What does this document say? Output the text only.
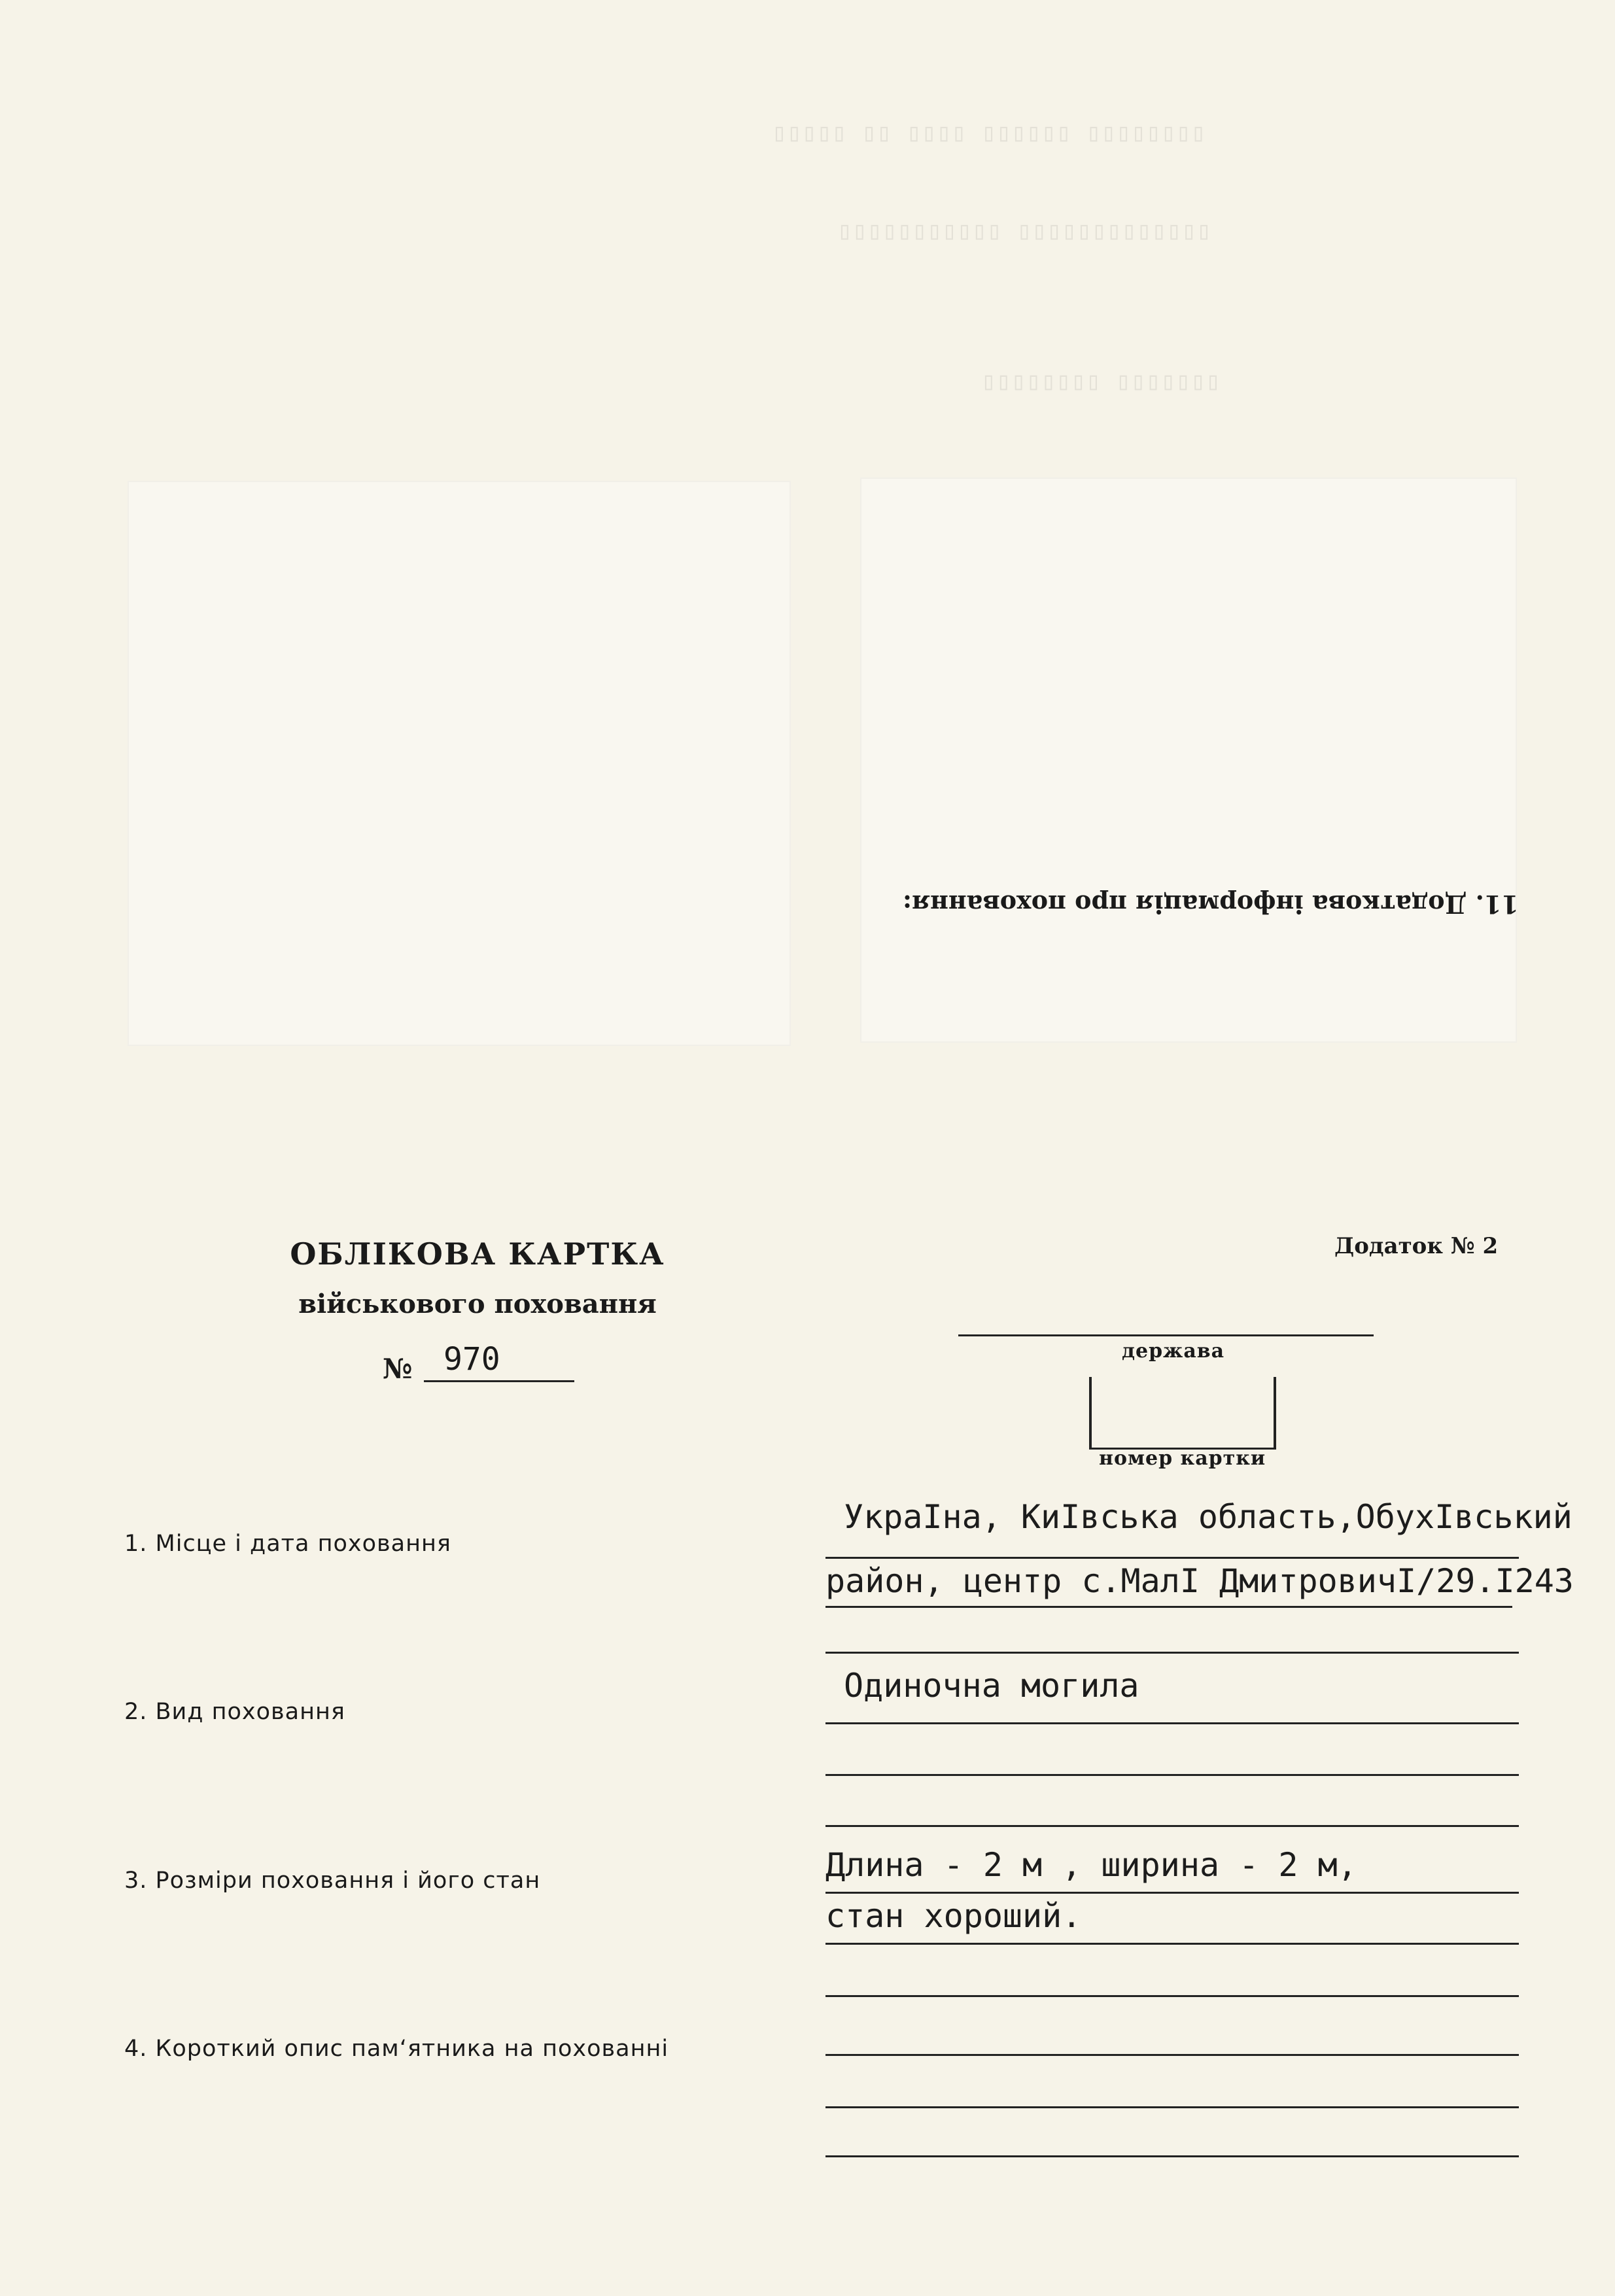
▯▯▯▯▯▯▯▯ ▯▯▯▯▯▯ ▯▯▯▯ ▯▯ ▯▯▯▯▯
▯▯▯▯▯▯▯▯▯▯▯▯▯ ▯▯▯▯▯▯▯▯▯▯▯
▯▯▯▯▯▯▯ ▯▯▯▯▯▯▯▯
11. Додаткова інформація про поховання:
ОБЛІКОВА КАРТКА
військового поховання
№ 970
Додаток № 2
держава
номер картки
1. Місце і дата поховання
УкраІна, КиІвська область,ОбухІвський
район, центр с.МалІ ДмитровичІ/29.І243
2. Вид поховання
Одиночна могила
3. Розміри поховання і його стан	Длина - 2 м , ширина - 2 м,
стан хороший.
4. Короткий опис пам‘ятника на похованні
